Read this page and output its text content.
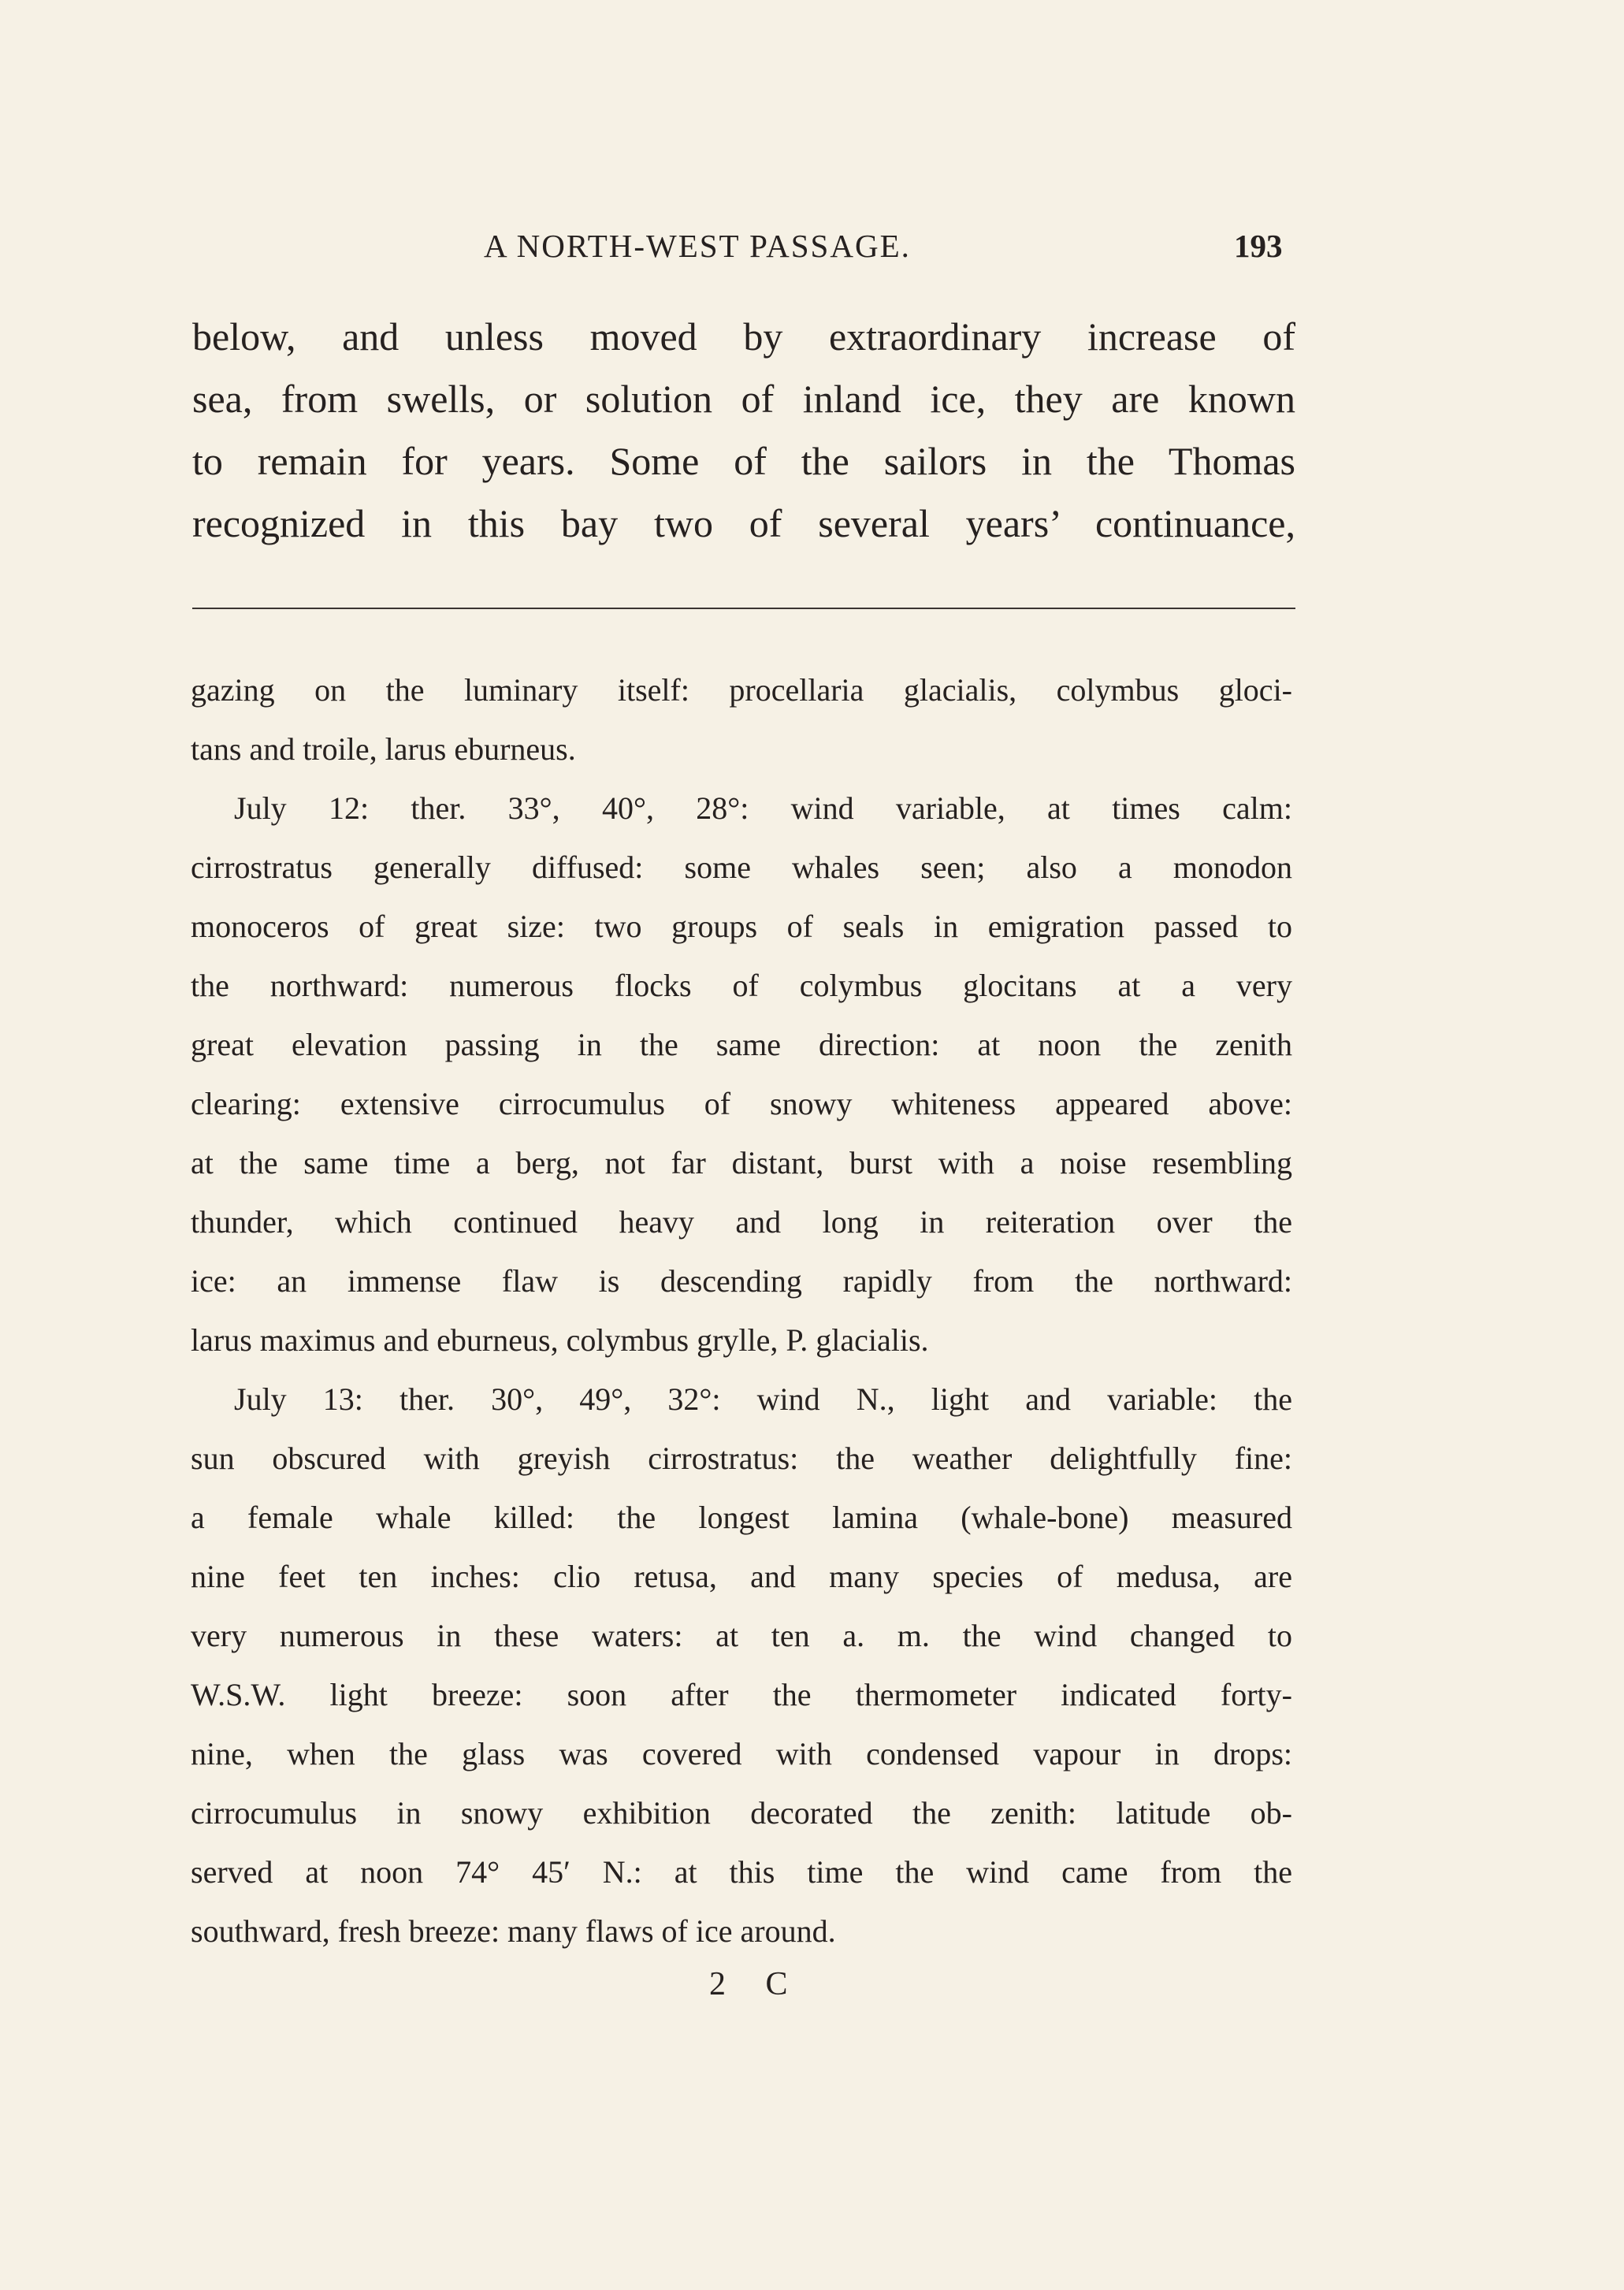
A NORTH-WEST PASSAGE.	193
below, and unless moved by extraordinary increase of
sea, from swells, or solution of inland ice, they are known
to remain for years. Some of the sailors in the Thomas
recognized in this bay two of several years’ continuance,
gazing on the luminary itself: procellaria glacialis, colymbus gloci-
tans and troile, larus eburneus.
July 12: ther. 33°, 40°, 28°: wind variable, at times calm:
cirrostratus generally diffused: some whales seen; also a monodon
monoceros of great size: two groups of seals in emigration passed to
the northward: numerous flocks of colymbus glocitans at a very
great elevation passing in the same direction: at noon the zenith
clearing: extensive cirrocumulus of snowy whiteness appeared above:
at the same time a berg, not far distant, burst with a noise resembling
thunder, which continued heavy and long in reiteration over the
ice: an immense flaw is descending rapidly from the northward:
larus maximus and eburneus, colymbus grylle, P. glacialis.
July 13: ther. 30°, 49°, 32°: wind N., light and variable: the
sun obscured with greyish cirrostratus: the weather delightfully fine:
a female whale killed: the longest lamina (whale-bone) measured
nine feet ten inches: clio retusa, and many species of medusa, are
very numerous in these waters: at ten a. m. the wind changed to
W.S.W. light breeze: soon after the thermometer indicated forty-
nine, when the glass was covered with condensed vapour in drops:
cirrocumulus in snowy exhibition decorated the zenith: latitude ob-
served at noon 74° 45′ N.: at this time the wind came from the
southward, fresh breeze: many flaws of ice around.
2 C
